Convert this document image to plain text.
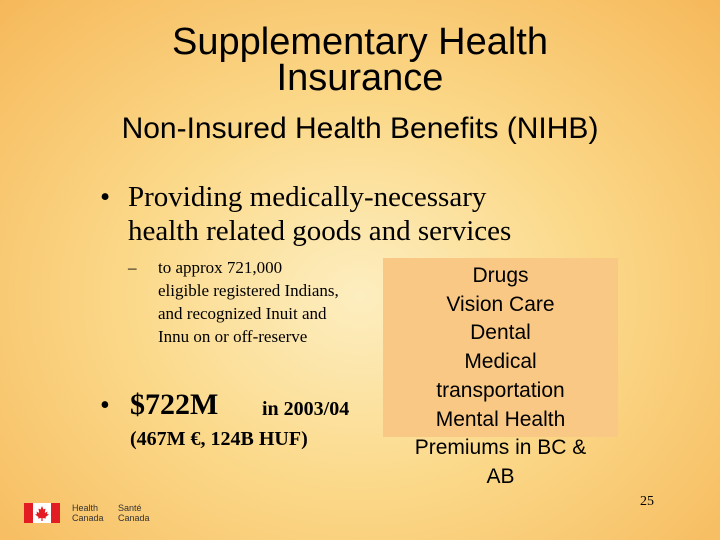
Supplementary Health
Insurance
Non-Insured Health Benefits (NIHB)
• Providing medically-necessary
health related goods and services
– to approx 721,000
eligible registered Indians,
and recognized Inuit and
Innu on or off-reserve
• $722M in 2003/04
(467M €, 124B HUF)
Drugs
Vision Care
Dental
Medical
transportation
Mental Health
Premiums in BC &
AB
25
Health
Canada
Santé
Canada
